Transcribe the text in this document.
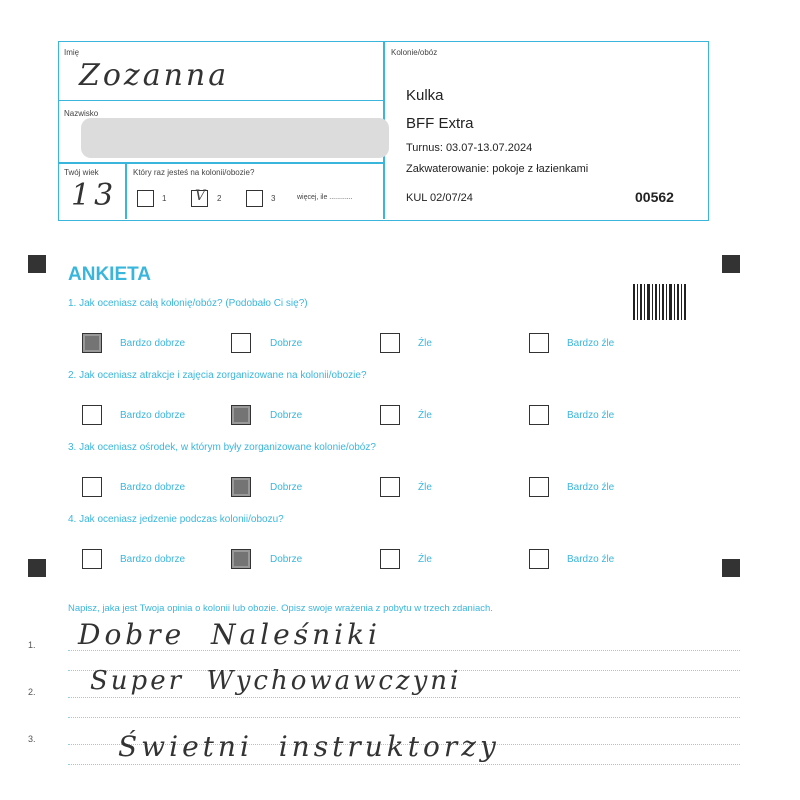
Imię
Zozanna
Nazwisko
Twój wiek
13
Który raz jesteś na kolonii/obozie?
1 V 2	3	więcej, ile ............
Kolonie/obóz
Kulka
BFF Extra
Turnus: 03.07-13.07.2024
Zakwaterowanie: pokoje z łazienkami
KUL 02/07/24	00562
ANKIETA
1. Jak oceniasz całą kolonię/obóz? (Podobało Ci się?)
Bardzo dobrze	Dobrze	Źle	Bardzo źle
2. Jak oceniasz atrakcje i zajęcia zorganizowane na kolonii/obozie?
Bardzo dobrze	Dobrze	Źle	Bardzo źle
3. Jak oceniasz ośrodek, w którym były zorganizowane kolonie/obóz?
Bardzo dobrze	Dobrze	Źle	Bardzo źle
4. Jak oceniasz jedzenie podczas kolonii/obozu?
Bardzo dobrze	Dobrze	Źle	Bardzo źle
Napisz, jaka jest Twoja opinia o kolonii lub obozie. Opisz swoje wrażenia z pobytu w trzech zdaniach.
1.
2.
3.
Dobre  Naleśniki
Super  Wychowawczyni
Świetni  instruktorzy
